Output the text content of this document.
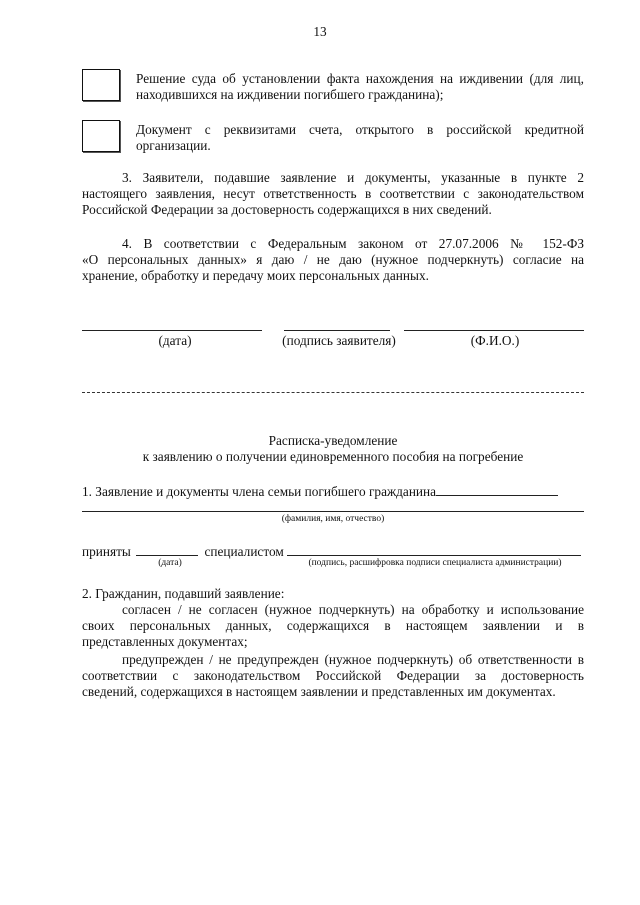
13
Решение суда об установлении факта нахождения на иждивении (для лиц,
находившихся на иждивении погибшего гражданина);
Документ с реквизитами счета, открытого в российской кредитной
организации.
3. Заявители, подавшие заявление и документы, указанные в пункте 2
настоящего заявления, несут ответственность в соответствии с законодательством
Российской Федерации за достоверность содержащихся в них сведений.
4. В соответствии с Федеральным законом от 27.07.2006 № 152-ФЗ
«О персональных данных» я даю / не даю (нужное подчеркнуть) согласие на
хранение, обработку и передачу моих персональных данных.
(дата)	(подпись заявителя)	(Ф.И.О.)
Расписка-уведомление
к заявлению о получении единовременного пособия на погребение
1. Заявление и документы члена семьи погибшего гражданина
(фамилия, имя, отчество)
приняты	специалистом
(дата)	(подпись, расшифровка подписи специалиста администрации)
2. Гражданин, подавший заявление:
согласен / не согласен (нужное подчеркнуть) на обработку и использование
своих персональных данных, содержащихся в настоящем заявлении и в
представленных документах;
предупрежден / не предупрежден (нужное подчеркнуть) об ответственности в
соответствии с законодательством Российской Федерации за достоверность
сведений, содержащихся в настоящем заявлении и представленных им документах.
